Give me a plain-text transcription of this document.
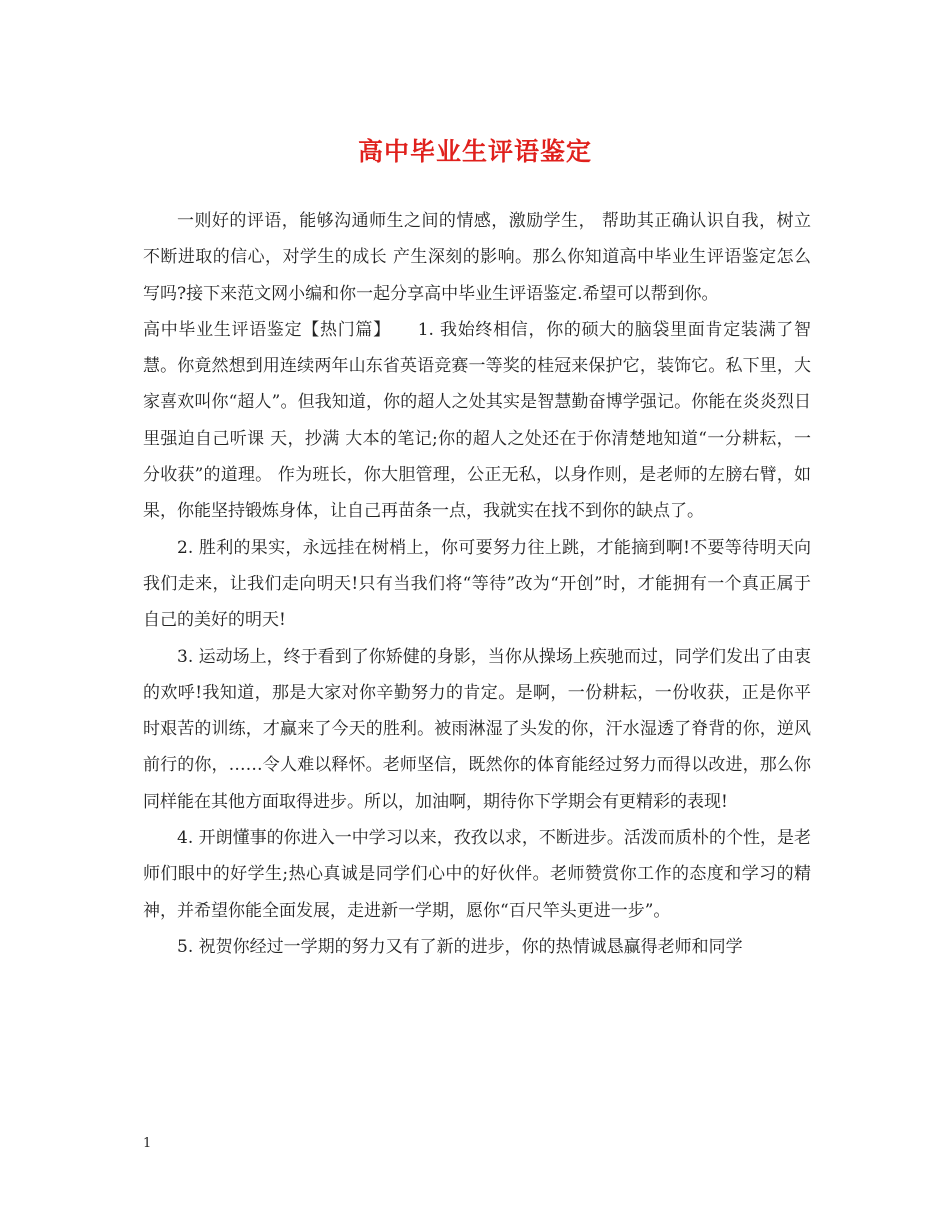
高中毕业生评语鉴定

一则好的评语，能够沟通师生之间的情感，激励学生， 帮助其正确认识自我，树立不断进取的信心，对学生的成长 产生深刻的影响。那么你知道高中毕业生评语鉴定怎么写吗?接下来范文网小编和你一起分享高中毕业生评语鉴定.希望可以帮到你。

高中毕业生评语鉴定【热门篇】　　1. 我始终相信，你的硕大的脑袋里面肯定装满了智慧。你竟然想到用连续两年山东省英语竞赛一等奖的桂冠来保护它，装饰它。私下里，大家喜欢叫你“超人”。但我知道，你的超人之处其实是智慧勤奋博学强记。你能在炎炎烈日里强迫自己听课 天，抄满 大本的笔记;你的超人之处还在于你清楚地知道“一分耕耘，一分收获”的道理。 作为班长，你大胆管理，公正无私，以身作则，是老师的左膀右臂，如果，你能坚持锻炼身体，让自己再苗条一点，我就实在找不到你的缺点了。

2. 胜利的果实，永远挂在树梢上，你可要努力往上跳，才能摘到啊!不要等待明天向我们走来，让我们走向明天!只有当我们将“等待”改为“开创”时，才能拥有一个真正属于自己的美好的明天!

3. 运动场上，终于看到了你矫健的身影，当你从操场上疾驰而过，同学们发出了由衷的欢呼!我知道，那是大家对你辛勤努力的肯定。是啊，一份耕耘，一份收获，正是你平时艰苦的训练，才赢来了今天的胜利。被雨淋湿了头发的你，汗水湿透了脊背的你，逆风前行的你，……令人难以释怀。老师坚信，既然你的体育能经过努力而得以改进，那么你同样能在其他方面取得进步。所以，加油啊，期待你下学期会有更精彩的表现!

4. 开朗懂事的你进入一中学习以来，孜孜以求，不断进步。活泼而质朴的个性，是老师们眼中的好学生;热心真诚是同学们心中的好伙伴。老师赞赏你工作的态度和学习的精神，并希望你能全面发展，走进新一学期，愿你“百尺竿头更进一步”。

5. 祝贺你经过一学期的努力又有了新的进步，你的热情诚恳赢得老师和同学

1
